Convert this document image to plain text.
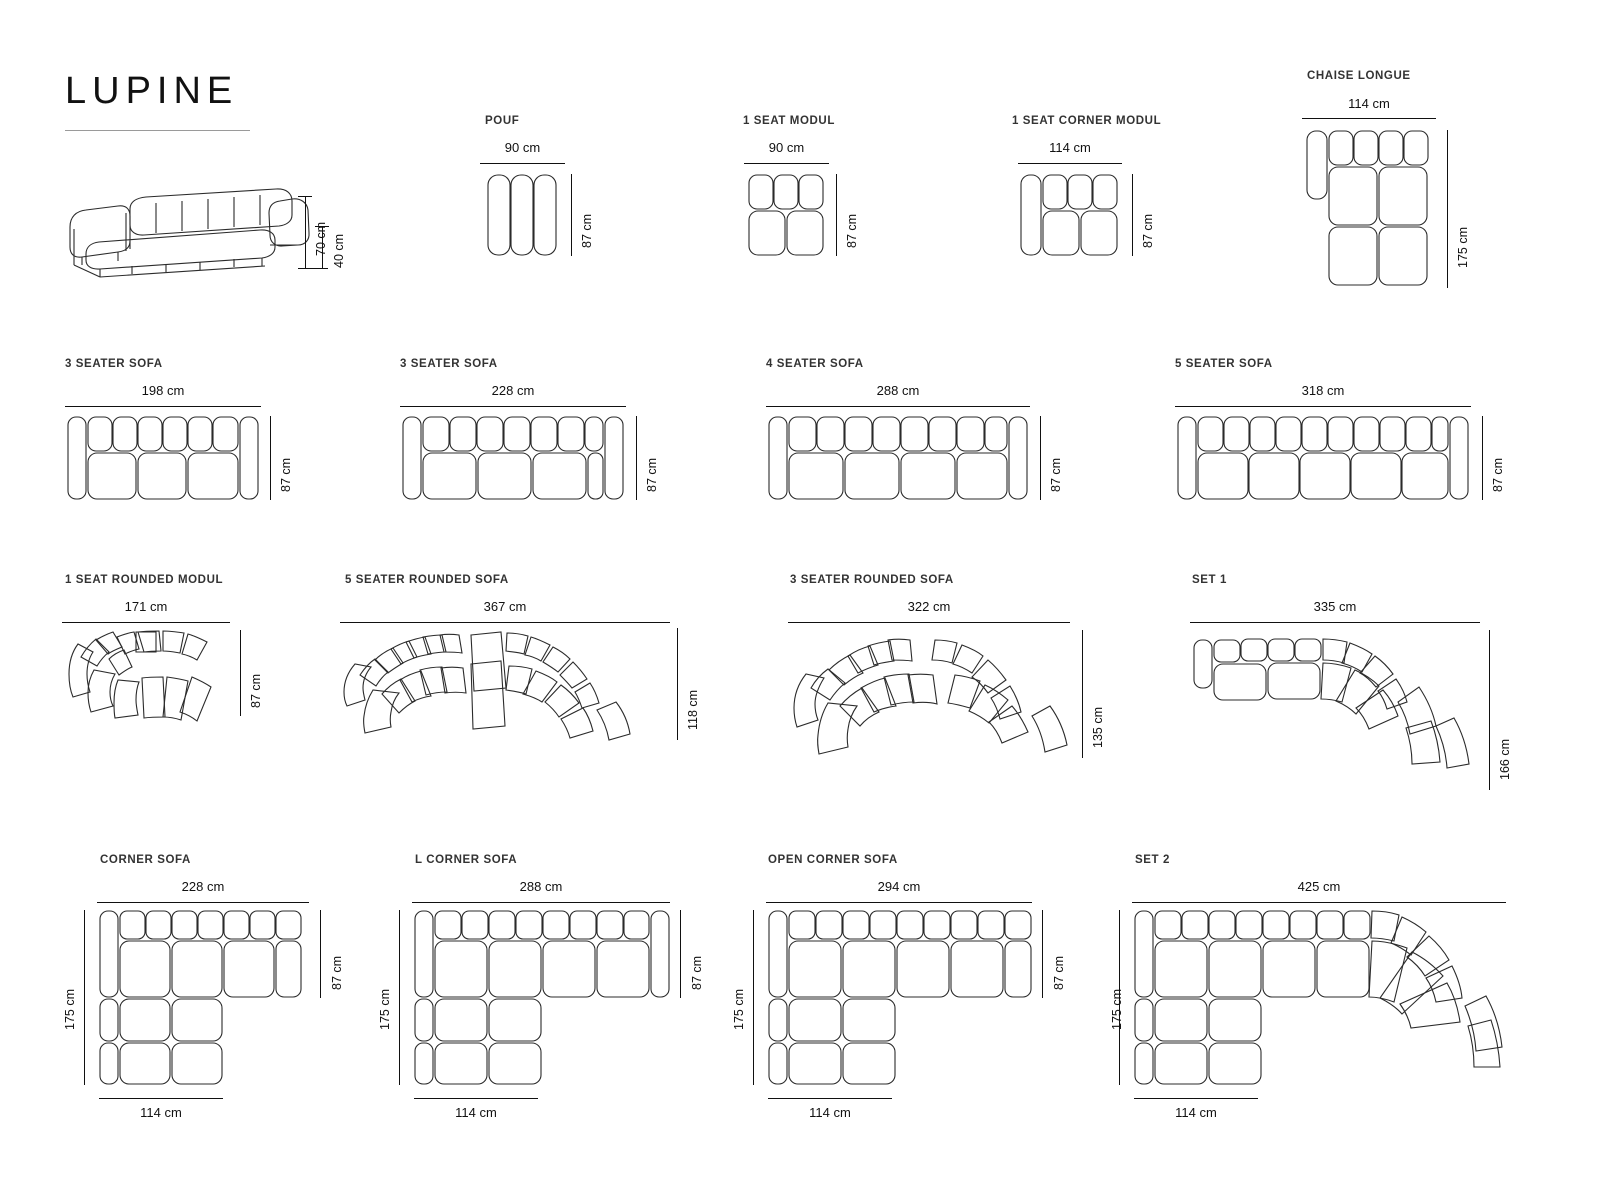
LUPINE
70 cm 40 cm
POUF
90 cm
87 cm
1 SEAT MODUL
90 cm
87 cm
1 SEAT CORNER MODUL
114 cm
87 cm
CHAISE LONGUE
114 cm
175 cm
3 SEATER SOFA
198 cm
87 cm
3 SEATER SOFA
228 cm
87 cm
4 SEATER SOFA
288 cm
87 cm
5 SEATER SOFA
318 cm
87 cm
1 SEAT ROUNDED MODUL
171 cm
87 cm
5 SEATER ROUNDED SOFA
367 cm
118 cm
3 SEATER ROUNDED SOFA
322 cm
135 cm
SET 1
335 cm
166 cm
CORNER SOFA
228 cm
175 cm
87 cm
114 cm
L CORNER SOFA
288 cm
175 cm
87 cm
114 cm
OPEN CORNER SOFA
294 cm
175 cm
87 cm
114 cm
SET 2
425 cm
175 cm
114 cm
